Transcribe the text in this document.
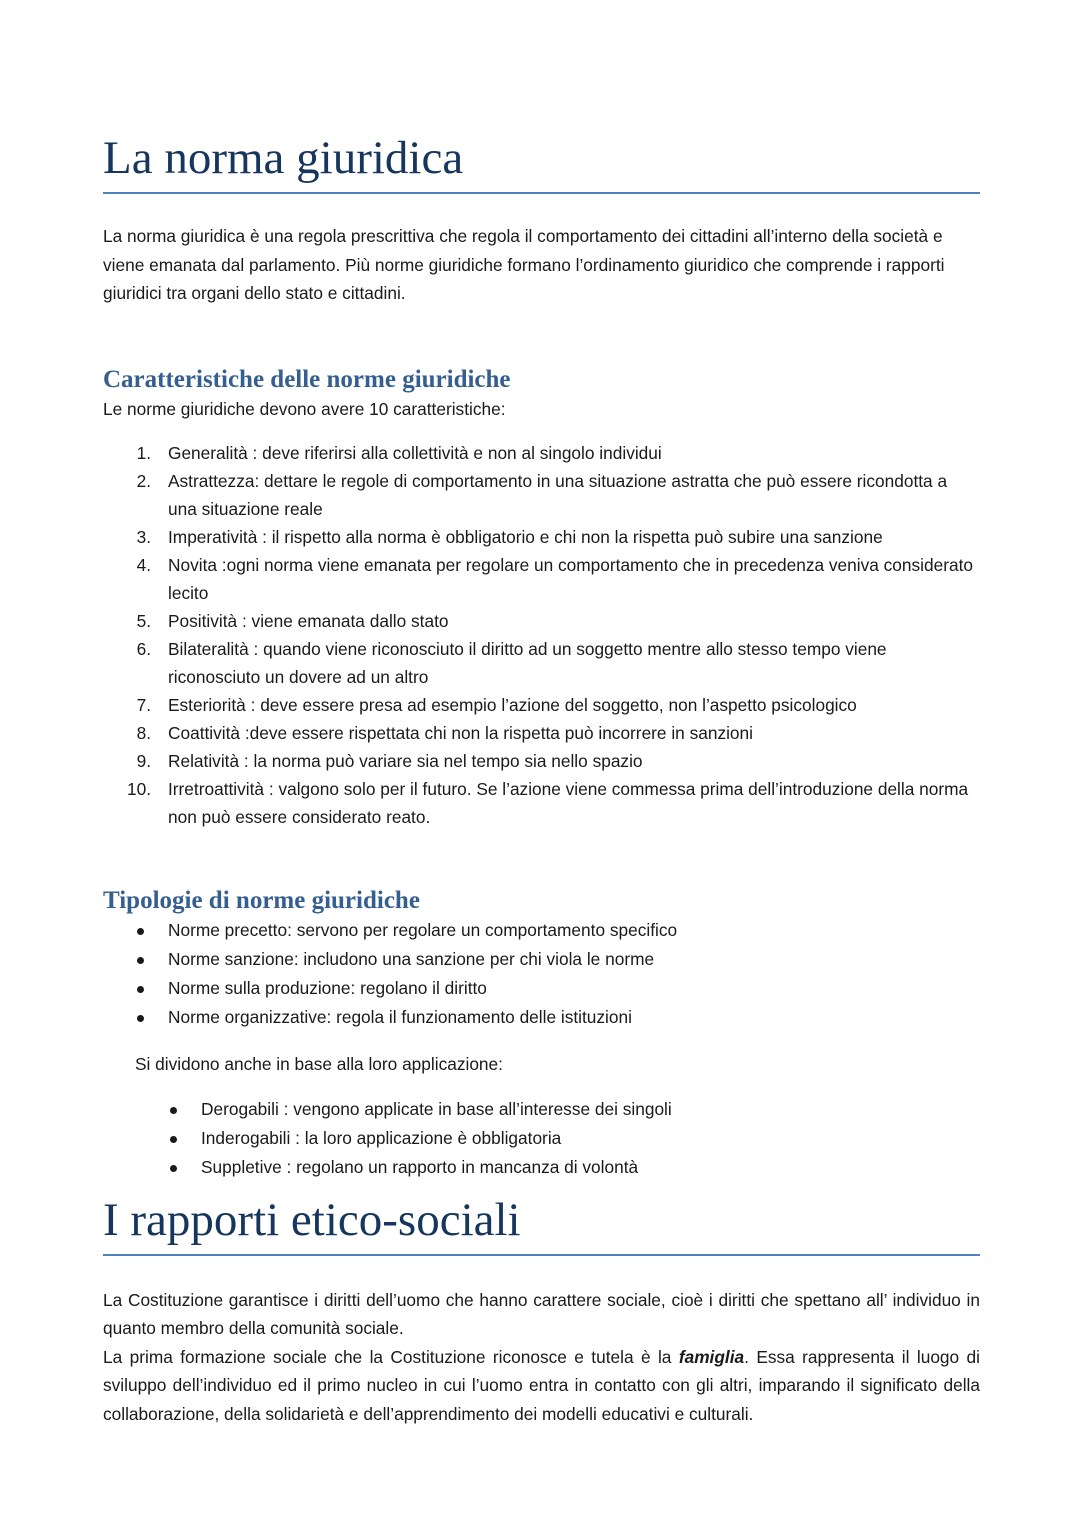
La norma giuridica

La norma giuridica è una regola prescrittiva che regola il comportamento dei cittadini all’interno della società e viene emanata dal parlamento. Più norme giuridiche formano l’ordinamento giuridico che comprende i rapporti giuridici tra organi dello stato e cittadini.

Caratteristiche delle norme giuridiche

Le norme giuridiche devono avere 10 caratteristiche:

1. Generalità : deve riferirsi alla collettività e non al singolo individui
2. Astrattezza: dettare le regole di comportamento in una situazione astratta che può essere ricondotta a una situazione reale
3. Imperatività : il rispetto alla norma è obbligatorio e chi non la rispetta può subire una sanzione
4. Novita :ogni norma viene emanata per regolare un comportamento che in precedenza veniva considerato lecito
5. Positività : viene emanata dallo stato
6. Bilateralità : quando viene riconosciuto il diritto ad un soggetto mentre allo stesso tempo viene riconosciuto un dovere ad un altro
7. Esteriorità : deve essere presa ad esempio l’azione del soggetto, non l’aspetto psicologico
8. Coattività :deve essere rispettata chi non la rispetta può incorrere in sanzioni
9. Relatività : la norma può variare sia nel tempo sia nello spazio
10. Irretroattività : valgono solo per il futuro. Se l’azione viene commessa prima dell’introduzione della norma non può essere considerato reato.
Tipologie di norme giuridiche
Norme precetto: servono per regolare un comportamento specifico
Norme sanzione: includono una sanzione per chi viola le norme
Norme sulla produzione: regolano il diritto
Norme organizzative: regola il funzionamento delle istituzioni

Si dividono anche in base alla loro applicazione:

Derogabili : vengono applicate in base all’interesse dei singoli
Inderogabili : la loro applicazione è obbligatoria
Suppletive : regolano un rapporto in mancanza di volontà
I rapporti etico-sociali

La Costituzione garantisce i diritti dell’uomo che hanno carattere sociale, cioè i diritti che spettano all’ individuo in quanto membro della comunità sociale.

La prima formazione sociale che la Costituzione riconosce e tutela è la famiglia. Essa rappresenta il luogo di sviluppo dell’individuo ed il primo nucleo in cui l’uomo entra in contatto con gli altri, imparando il significato della collaborazione, della solidarietà e dell’apprendimento dei modelli educativi e culturali.
